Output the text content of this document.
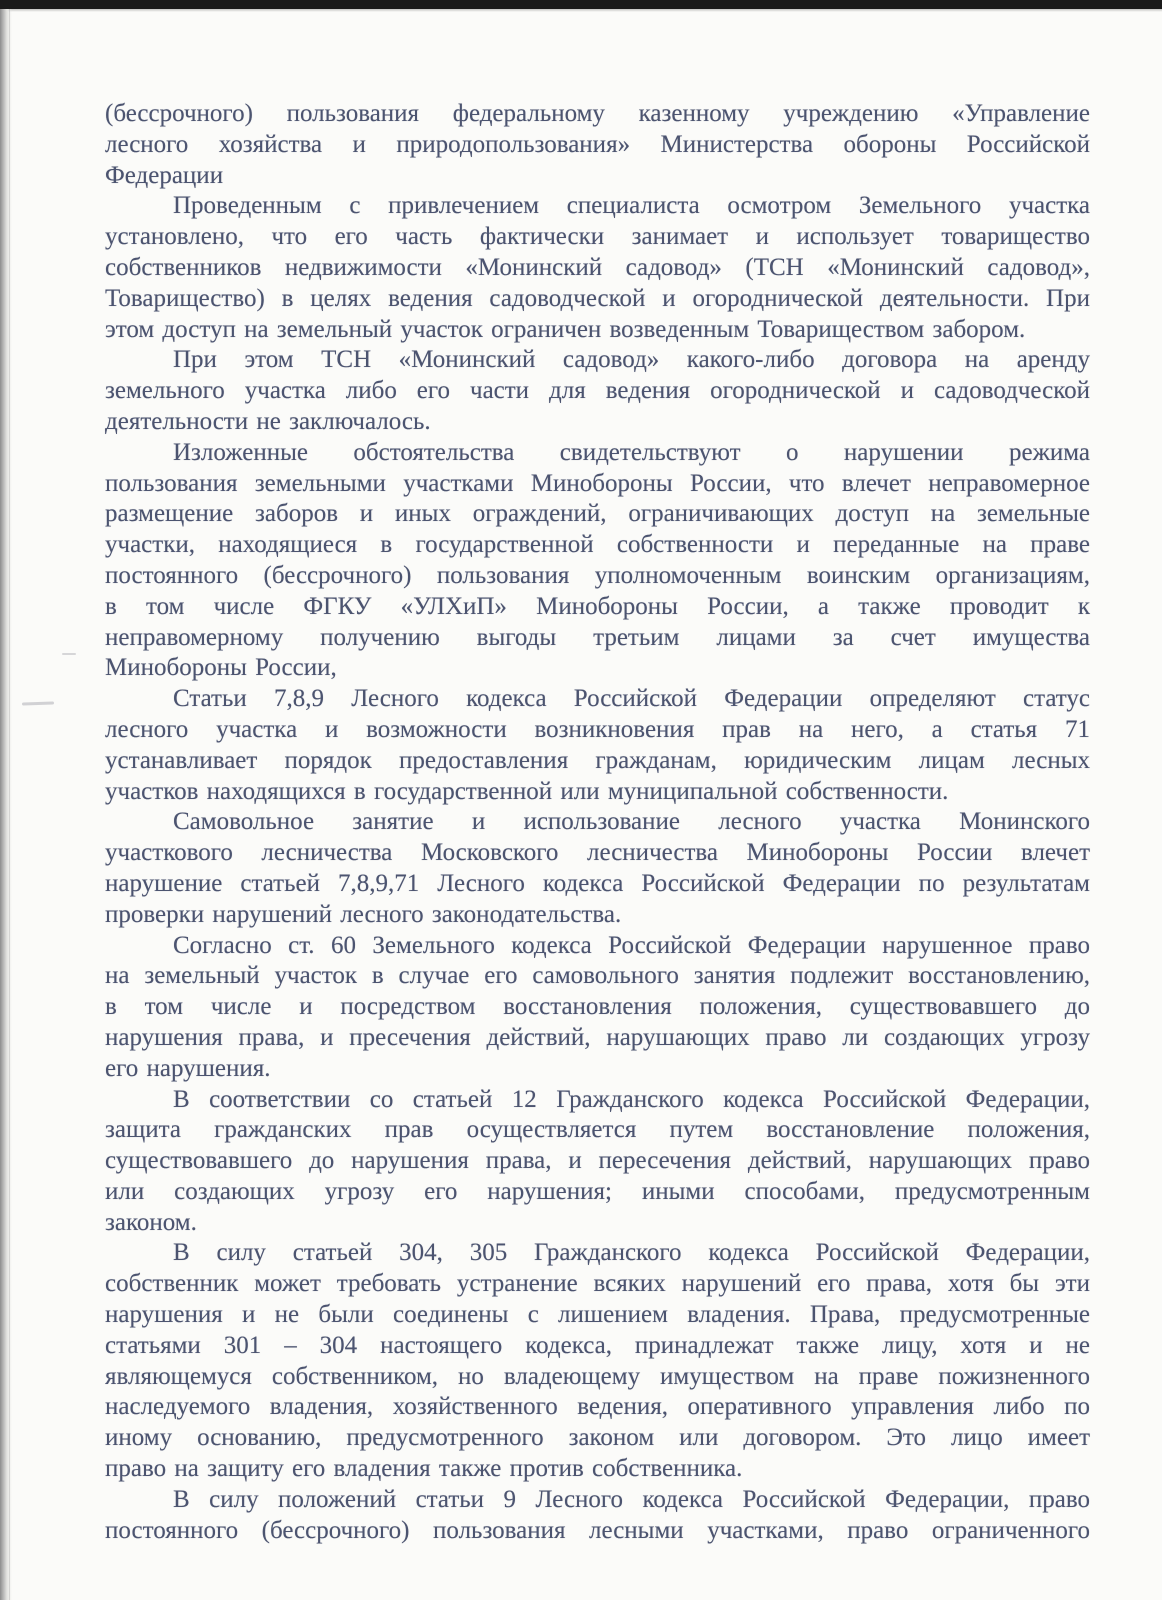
(бессрочного) пользования федеральному казенному учреждению «Управление
лесного хозяйства и природопользования» Министерства обороны Российской
Федерации
Проведенным с привлечением специалиста осмотром Земельного участка
установлено, что его часть фактически занимает и использует товарищество
собственников недвижимости «Монинский садовод» (ТСН «Монинский садовод»,
Товарищество) в целях ведения садоводческой и огороднической деятельности. При
этом доступ на земельный участок ограничен возведенным Товариществом забором.
При этом ТСН «Монинский садовод» какого-либо договора на аренду
земельного участка либо его части для ведения огороднической и садоводческой
деятельности не заключалось.
Изложенные обстоятельства свидетельствуют о нарушении режима
пользования земельными участками Минобороны России, что влечет неправомерное
размещение заборов и иных ограждений, ограничивающих доступ на земельные
участки, находящиеся в государственной собственности и переданные на праве
постоянного (бессрочного) пользования уполномоченным воинским организациям,
в том числе ФГКУ «УЛХиП» Минобороны России, а также проводит к
неправомерному получению выгоды третьим лицами за счет имущества
Минобороны России,
Статьи 7,8,9 Лесного кодекса Российской Федерации определяют статус
лесного участка и возможности возникновения прав на него, а статья 71
устанавливает порядок предоставления гражданам, юридическим лицам лесных
участков находящихся в государственной или муниципальной собственности.
Самовольное занятие и использование лесного участка Монинского
участкового лесничества Московского лесничества Минобороны России влечет
нарушение статьей 7,8,9,71 Лесного кодекса Российской Федерации по результатам
проверки нарушений лесного законодательства.
Согласно ст. 60 Земельного кодекса Российской Федерации нарушенное право
на земельный участок в случае его самовольного занятия подлежит восстановлению,
в том числе и посредством восстановления положения, существовавшего до
нарушения права, и пресечения действий, нарушающих право ли создающих угрозу
его нарушения.
В соответствии со статьей 12 Гражданского кодекса Российской Федерации,
защита гражданских прав осуществляется путем восстановление положения,
существовавшего до нарушения права, и пересечения действий, нарушающих право
или создающих угрозу его нарушения; иными способами, предусмотренным
законом.
В силу статьей 304, 305 Гражданского кодекса Российской Федерации,
собственник может требовать устранение всяких нарушений его права, хотя бы эти
нарушения и не были соединены с лишением владения. Права, предусмотренные
статьями 301 – 304 настоящего кодекса, принадлежат также лицу, хотя и не
являющемуся собственником, но владеющему имуществом на праве пожизненного
наследуемого владения, хозяйственного ведения, оперативного управления либо по
иному основанию, предусмотренного законом или договором. Это лицо имеет
право на защиту его владения также против собственника.
В силу положений статьи 9 Лесного кодекса Российской Федерации, право
постоянного (бессрочного) пользования лесными участками, право ограниченного
